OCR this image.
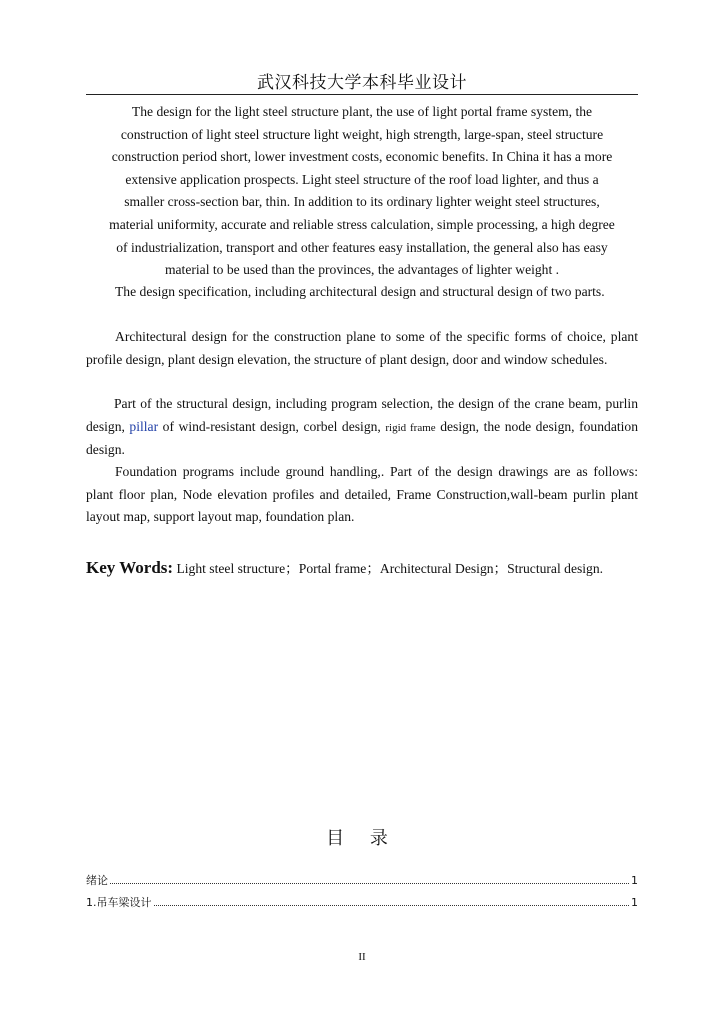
武汉科技大学本科毕业设计
The design for the light steel structure plant, the use of light portal frame system, the
construction of light steel structure light weight, high strength, large-span, steel structure
construction period short, lower investment costs, economic benefits. In China it has a more
extensive application prospects. Light steel structure of the roof load lighter, and thus a
smaller cross-section bar, thin. In addition to its ordinary lighter weight steel structures,
material uniformity, accurate and reliable stress calculation, simple processing, a high degree
of industrialization, transport and other features easy installation, the general also has easy
material to be used than the provinces, the advantages of lighter weight .
The design specification, including architectural design and structural design of two parts.
Architectural design for the construction plane to some of the specific forms of choice, plant profile design, plant design elevation, the structure of plant design, door and window schedules.
Part of the structural design, including program selection, the design of the crane beam, purlin design, pillar of wind-resistant design, corbel design, rigid frame design, the node design, foundation design.
Foundation programs include ground handling,. Part of the design drawings are as follows: plant floor plan, Node elevation profiles and detailed, Frame Construction,wall-beam purlin plant layout map, support layout map, foundation plan.
Key Words: Light steel structure；Portal frame；Architectural Design；Structural design.
目 录
绪论	1
1.吊车梁设计	1
II
